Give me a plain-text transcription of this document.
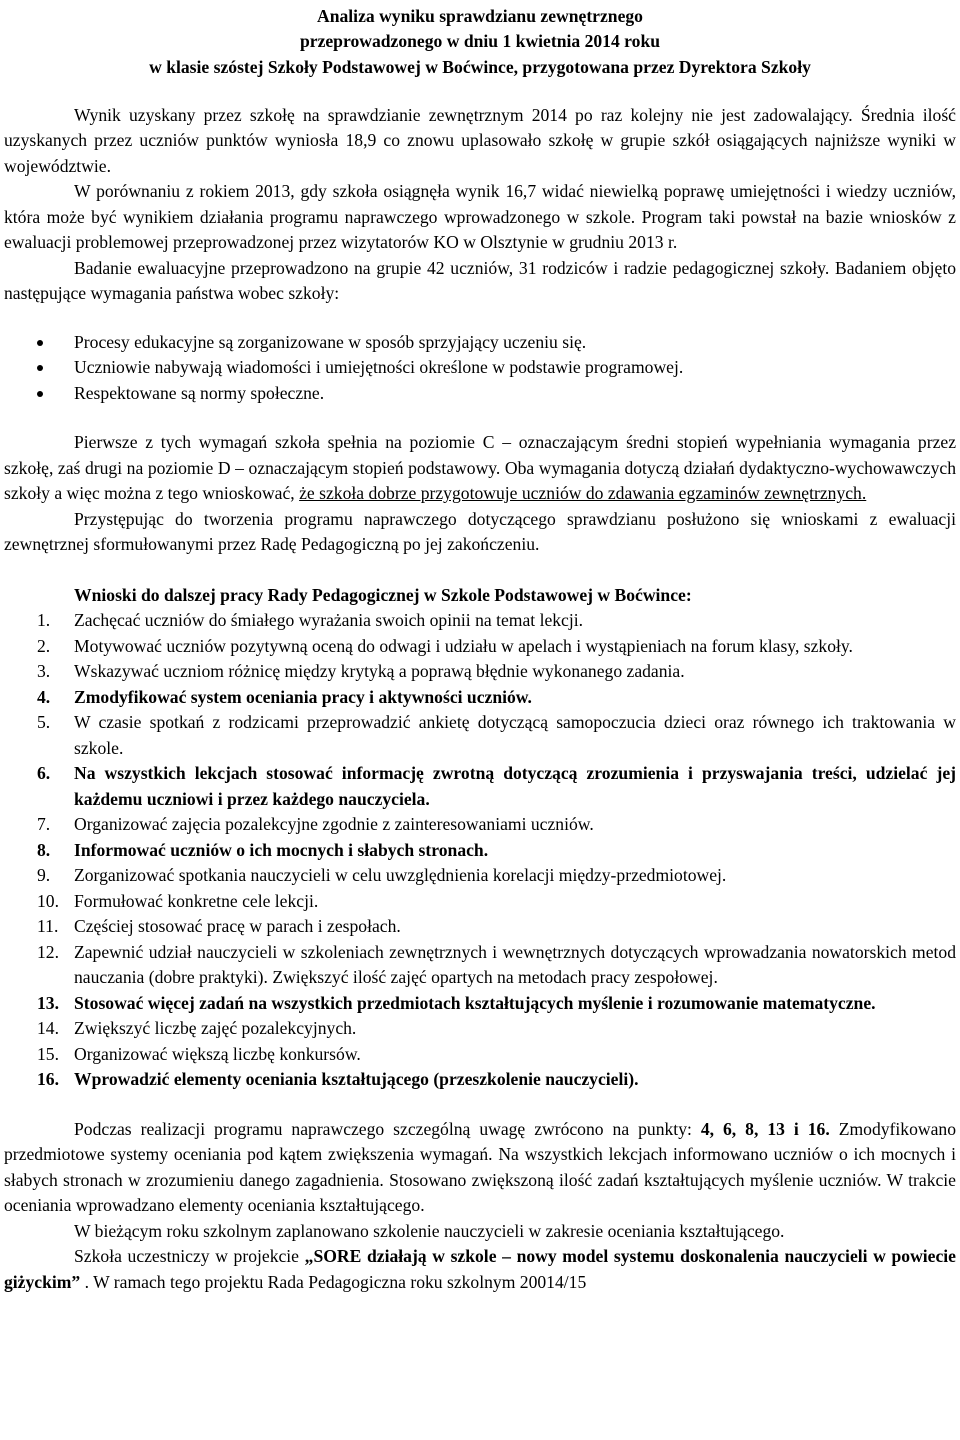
Analiza wyniku sprawdzianu zewnętrznego
przeprowadzonego w dniu 1 kwietnia 2014 roku
w klasie szóstej Szkoły Podstawowej w Boćwince, przygotowana przez Dyrektora Szkoły

Wynik uzyskany przez szkołę na sprawdzianie zewnętrznym 2014 po raz kolejny nie jest zadowalający. Średnia ilość uzyskanych przez uczniów punktów wyniosła 18,9 co znowu uplasowało szkołę w grupie szkół osiągających najniższe wyniki w województwie.

W porównaniu z rokiem 2013, gdy szkoła osiągnęła wynik 16,7 widać niewielką poprawę umiejętności i wiedzy uczniów, która może być wynikiem działania programu naprawczego wprowadzonego w szkole. Program taki powstał na bazie wniosków z ewaluacji problemowej przeprowadzonej przez wizytatorów KO w Olsztynie w grudniu 2013 r.

Badanie ewaluacyjne przeprowadzono na grupie 42 uczniów, 31 rodziców i radzie pedagogicznej szkoły. Badaniem objęto następujące wymagania państwa wobec szkoły:

Procesy edukacyjne są zorganizowane w sposób sprzyjający uczeniu się.
Uczniowie nabywają wiadomości i umiejętności określone w podstawie programowej.
Respektowane są normy społeczne.

Pierwsze z tych wymagań szkoła spełnia na poziomie C – oznaczającym średni stopień wypełniania wymagania przez szkołę, zaś drugi na poziomie D – oznaczającym stopień podstawowy. Oba wymagania dotyczą działań dydaktyczno-wychowawczych szkoły a więc można z tego wnioskować, że szkoła dobrze przygotowuje uczniów do zdawania egzaminów zewnętrznych.

Przystępując do tworzenia programu naprawczego dotyczącego sprawdzianu posłużono się wnioskami z ewaluacji zewnętrznej sformułowanymi przez Radę Pedagogiczną po jej zakończeniu.

Wnioski do dalszej pracy Rady Pedagogicznej w Szkole Podstawowej w Boćwince:
1. Zachęcać uczniów do śmiałego wyrażania swoich opinii na temat lekcji.
2. Motywować uczniów pozytywną oceną do odwagi i udziału w apelach i wystąpieniach na forum klasy, szkoły.
3. Wskazywać uczniom różnicę między krytyką a poprawą błędnie wykonanego zadania.
4. Zmodyfikować system oceniania pracy i aktywności uczniów.
5. W czasie spotkań z rodzicami przeprowadzić ankietę dotyczącą samopoczucia dzieci oraz równego ich traktowania w szkole.
6. Na wszystkich lekcjach stosować informację zwrotną dotyczącą zrozumienia i przyswajania treści, udzielać jej każdemu uczniowi i przez każdego nauczyciela.
7. Organizować zajęcia pozalekcyjne zgodnie z zainteresowaniami uczniów.
8. Informować uczniów o ich mocnych i słabych stronach.
9. Zorganizować spotkania nauczycieli w celu uwzględnienia korelacji między-przedmiotowej.
10. Formułować konkretne cele lekcji.
11. Częściej stosować pracę w parach i zespołach.
12. Zapewnić udział nauczycieli w szkoleniach zewnętrznych i wewnętrznych dotyczących wprowadzania nowatorskich metod nauczania (dobre praktyki). Zwiększyć ilość zajęć opartych na metodach pracy zespołowej.
13. Stosować więcej zadań na wszystkich przedmiotach kształtujących myślenie i rozumowanie matematyczne.
14. Zwiększyć liczbę zajęć pozalekcyjnych.
15. Organizować większą liczbę konkursów.
16. Wprowadzić elementy oceniania kształtującego (przeszkolenie nauczycieli).

Podczas realizacji programu naprawczego szczególną uwagę zwrócono na punkty: 4, 6, 8, 13 i 16. Zmodyfikowano przedmiotowe systemy oceniania pod kątem zwiększenia wymagań. Na wszystkich lekcjach informowano uczniów o ich mocnych i słabych stronach w zrozumieniu danego zagadnienia. Stosowano zwiększoną ilość zadań kształtujących myślenie uczniów. W trakcie oceniania wprowadzano elementy oceniania kształtującego.

W bieżącym roku szkolnym zaplanowano szkolenie nauczycieli w zakresie oceniania kształtującego.

Szkoła uczestniczy w projekcie „SORE działają w szkole – nowy model systemu doskonalenia nauczycieli w powiecie giżyckim” . W ramach tego projektu Rada Pedagogiczna roku szkolnym 20014/15
